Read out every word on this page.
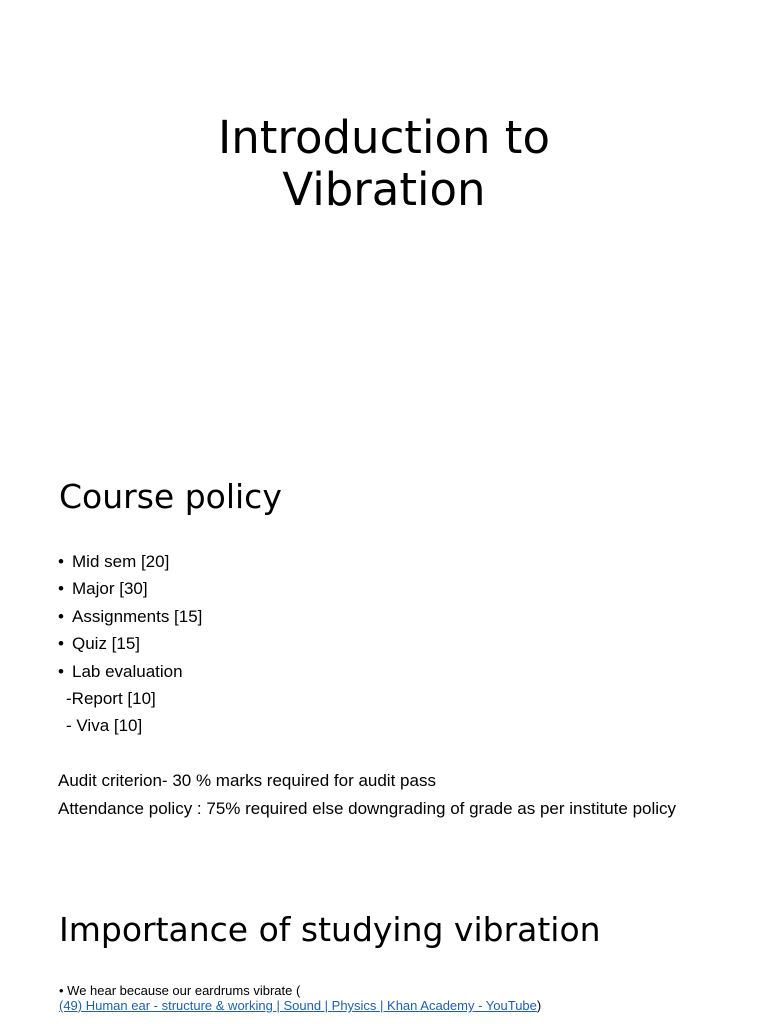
Introduction to
Vibration
Course policy
• Mid sem [20]
• Major [30]
• Assignments [15]
• Quiz [15]
• Lab evaluation
-Report [10]
- Viva [10]
Audit criterion- 30 % marks required for audit pass
Attendance policy : 75% required else downgrading of grade as per institute policy
Importance of studying vibration
• We hear because our eardrums vibrate (
(49) Human ear - structure & working | Sound | Physics | Khan Academy - YouTube)
